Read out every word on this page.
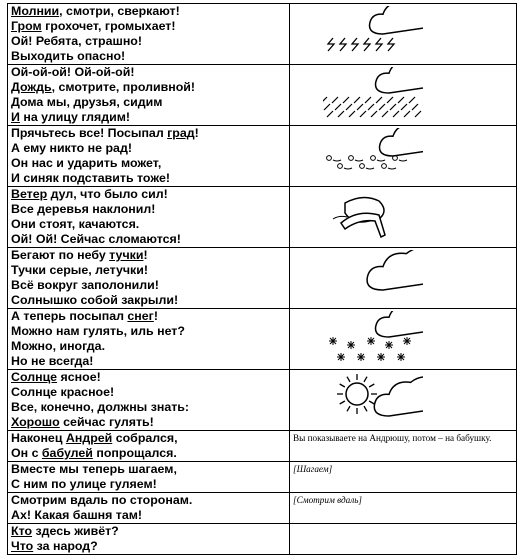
Молнии, смотри, сверкают!
Гром грохочет, громыхает!
Ой! Ребята, страшно!
Выходить опасно!

Ой-ой-ой! Ой-ой-ой!
Дождь, смотрите, проливной!
Дома мы, друзья, сидим
И на улицу глядим!

Прячьтесь все! Посыпал град!
А ему никто не рад!
Он нас и ударить может,
И синяк подставить тоже!

Ветер дул, что было сил!
Все деревья наклонил!
Они стоят, качаются.
Ой! Ой! Сейчас сломаются!

Бегают по небу тучки!
Тучки серые, летучки!
Всё вокруг заполонили!
Солнышко собой закрыли!

А теперь посыпал снег!
Можно нам гулять, иль нет?
Можно, иногда.
Но не всегда!

Солнце ясное!
Солнце красное!
Все, конечно, должны знать:
Хорошо сейчас гулять!

Наконец Андрей собрался,
Он с бабулей попрощался.	Вы показываете на Андрюшу, потом – на бабушку.

Вместе мы теперь шагаем,
С ним по улице гуляем!	[Шагаем]

Смотрим вдаль по сторонам.
Ах! Какая башня там!	[Смотрим вдаль]

Кто здесь живёт?
Что за народ?	
